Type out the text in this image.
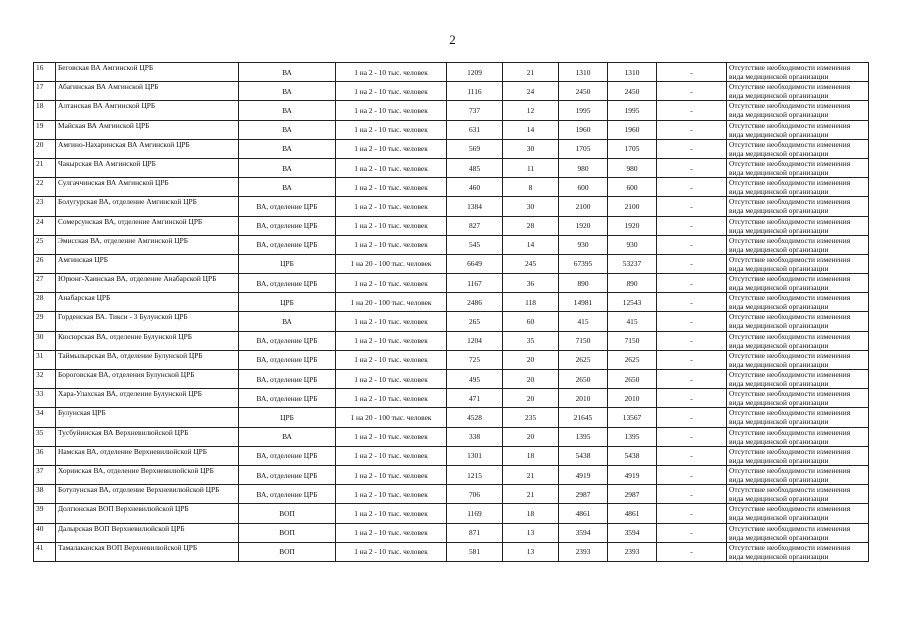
2
16	Беговская ВА Амгинской ЦРБ	ВА	1 на 2 - 10 тыс. человек	1209	21	1310	1310	-	Отсутствие необходимости изменения вида медицинской организации
17	Абагинская ВА Амгинской ЦРБ	ВА	1 на 2 - 10 тыс. человек	1116	24	2450	2450	-	Отсутствие необходимости изменения вида медицинской организации
18	Алтанская ВА Амгинской ЦРБ	ВА	1 на 2 - 10 тыс. человек	737	12	1995	1995	-	Отсутствие необходимости изменения вида медицинской организации
19	Майская ВА Амгинской ЦРБ	ВА	1 на 2 - 10 тыс. человек	631	14	1960	1960	-	Отсутствие необходимости изменения вида медицинской организации
20	Амгино-Нахаринская ВА Амгинской ЦРБ	ВА	1 на 2 - 10 тыс. человек	569	30	1705	1705	-	Отсутствие необходимости изменения вида медицинской организации
21	Чакырская ВА Амгинской ЦРБ	ВА	1 на 2 - 10 тыс. человек	485	11	980	980	-	Отсутствие необходимости изменения вида медицинской организации
22	Сулгаччинская ВА Амгинской ЦРБ	ВА	1 на 2 - 10 тыс. человек	460	8	600	600	-	Отсутствие необходимости изменения вида медицинской организации
23	Болугурская ВА, отделение Амгинской ЦРБ	ВА, отделение ЦРБ	1 на 2 - 10 тыс. человек	1384	30	2100	2100	-	Отсутствие необходимости изменения вида медицинской организации
24	Сомерсунская ВА, отделение Амгинской ЦРБ	ВА, отделение ЦРБ	1 на 2 - 10 тыс. человек	827	28	1920	1920	-	Отсутствие необходимости изменения вида медицинской организации
25	Эмисская ВА, отделение Амгинской ЦРБ	ВА, отделение ЦРБ	1 на 2 - 10 тыс. человек	545	14	930	930	-	Отсутствие необходимости изменения вида медицинской организации
26	Амгинская ЦРБ	ЦРБ	1 на 20 - 100 тыс. человек	6649	245	67395	53237	-	Отсутствие необходимости изменения вида медицинской организации
27	Юрюнг-Хаинская ВА, отделение Анабарской ЦРБ	ВА, отделение ЦРБ	1 на 2 - 10 тыс. человек	1167	36	890	890	-	Отсутствие необходимости изменения вида медицинской организации
28	Анабарская ЦРБ	ЦРБ	1 на 20 - 100 тыс. человек	2486	118	14981	12543	-	Отсутствие необходимости изменения вида медицинской организации
29	Горденская ВА. Тикси - 3 Булунской ЦРБ	ВА	1 на 2 - 10 тыс. человек	265	60	415	415	-	Отсутствие необходимости изменения вида медицинской организации
30	Кюсюрская ВА, отделение Булунской ЦРБ	ВА, отделение ЦРБ	1 на 2 - 10 тыс. человек	1204	35	7150	7150	-	Отсутствие необходимости изменения вида медицинской организации
31	Таймылырская ВА, отделение Булунской ЦРБ	ВА, отделение ЦРБ	1 на 2 - 10 тыс. человек	725	20	2625	2625	-	Отсутствие необходимости изменения вида медицинской организации
32	Бороговская ВА, отделения Булунской ЦРБ	ВА, отделение ЦРБ	1 на 2 - 10 тыс. человек	495	20	2650	2650	-	Отсутствие необходимости изменения вида медицинской организации
33	Хара-Улахская ВА, отделение Булунской ЦРБ	ВА, отделение ЦРБ	1 на 2 - 10 тыс. человек	471	20	2010	2010	-	Отсутствие необходимости изменения вида медицинской организации
34	Булунская ЦРБ	ЦРБ	1 на 20 - 100 тыс. человек	4528	235	21645	13567	-	Отсутствие необходимости изменения вида медицинской организации
35	Тусбуйинская ВА Верхневилюйской ЦРБ	ВА	1 на 2 - 10 тыс. человек	338	20	1395	1395	-	Отсутствие необходимости изменения вида медицинской организации
36	Намская ВА, отделение Верхневилюйской ЦРБ	ВА, отделение ЦРБ	1 на 2 - 10 тыс. человек	1301	18	5438	5438	-	Отсутствие необходимости изменения вида медицинской организации
37	Хоринская ВА, отделение Верхневилюйской ЦРБ	ВА, отделение ЦРБ	1 на 2 - 10 тыс. человек	1215	21	4919	4919	-	Отсутствие необходимости изменения вида медицинской организации
38	Ботулунская ВА, отделение Верхневилюйской ЦРБ	ВА, отделение ЦРБ	1 на 2 - 10 тыс. человек	706	21	2987	2987	-	Отсутствие необходимости изменения вида медицинской организации
39	Долгюнская ВОП Верхневилюйской ЦРБ	ВОП	1 на 2 - 10 тыс. человек	1169	18	4861	4861	-	Отсутствие необходимости изменения вида медицинской организации
40	Далырская ВОП Верхневилюйской ЦРБ	ВОП	1 на 2 - 10 тыс. человек	871	13	3594	3594	-	Отсутствие необходимости изменения вида медицинской организации
41	Тамалаканская ВОП Верхневилюйской ЦРБ	ВОП	1 на 2 - 10 тыс. человек	581	13	2393	2393	-	Отсутствие необходимости изменения вида медицинской организации
